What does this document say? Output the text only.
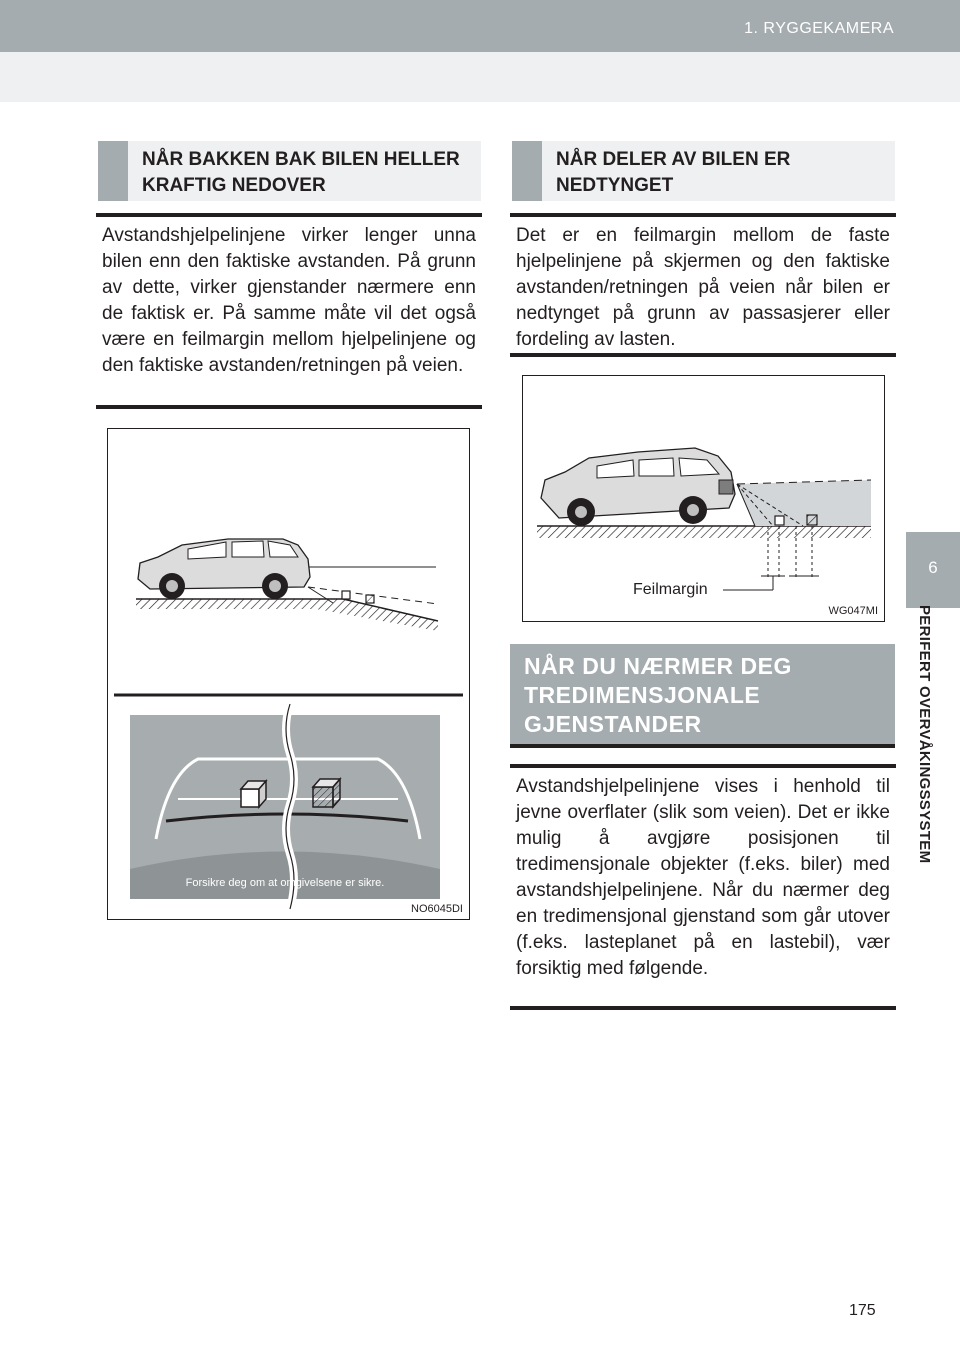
1. RYGGEKAMERA
6
PERIFERT OVERVÅKINGSSYSTEM
NÅR BAKKEN BAK BILEN HELLER KRAFTIG NEDOVER

Avstandshjelpelinjene virker lenger unna bilen enn den faktiske avstanden. På grunn av dette, virker gjenstander nærmere enn de faktisk er. På samme måte vil det også være en feilmargin mellom hjelpelinjene og den faktiske avstanden/retningen på veien.

Forsikre deg om at omgivelsene er sikre.
NO6045DI
NÅR DELER AV BILEN ER NEDTYNGET

Det er en feilmargin mellom de faste hjelpelinjene på skjermen og den faktiske avstanden/retningen på veien når bilen er nedtynget på grunn av passasjerer eller fordeling av lasten.

Feilmargin
WG047MI
NÅR DU NÆRMER DEG TREDIMENSJONALE GJENSTANDER

Avstandshjelpelinjene vises i henhold til jevne overflater (slik som veien). Det er ikke mulig å avgjøre posisjonen til tredimensjonale objekter (f.eks. biler) med avstandshjelpelinjene. Når du nærmer deg en tredimensjonal gjenstand som går utover (f.eks. lasteplanet på en lastebil), vær forsiktig med følgende.

175
